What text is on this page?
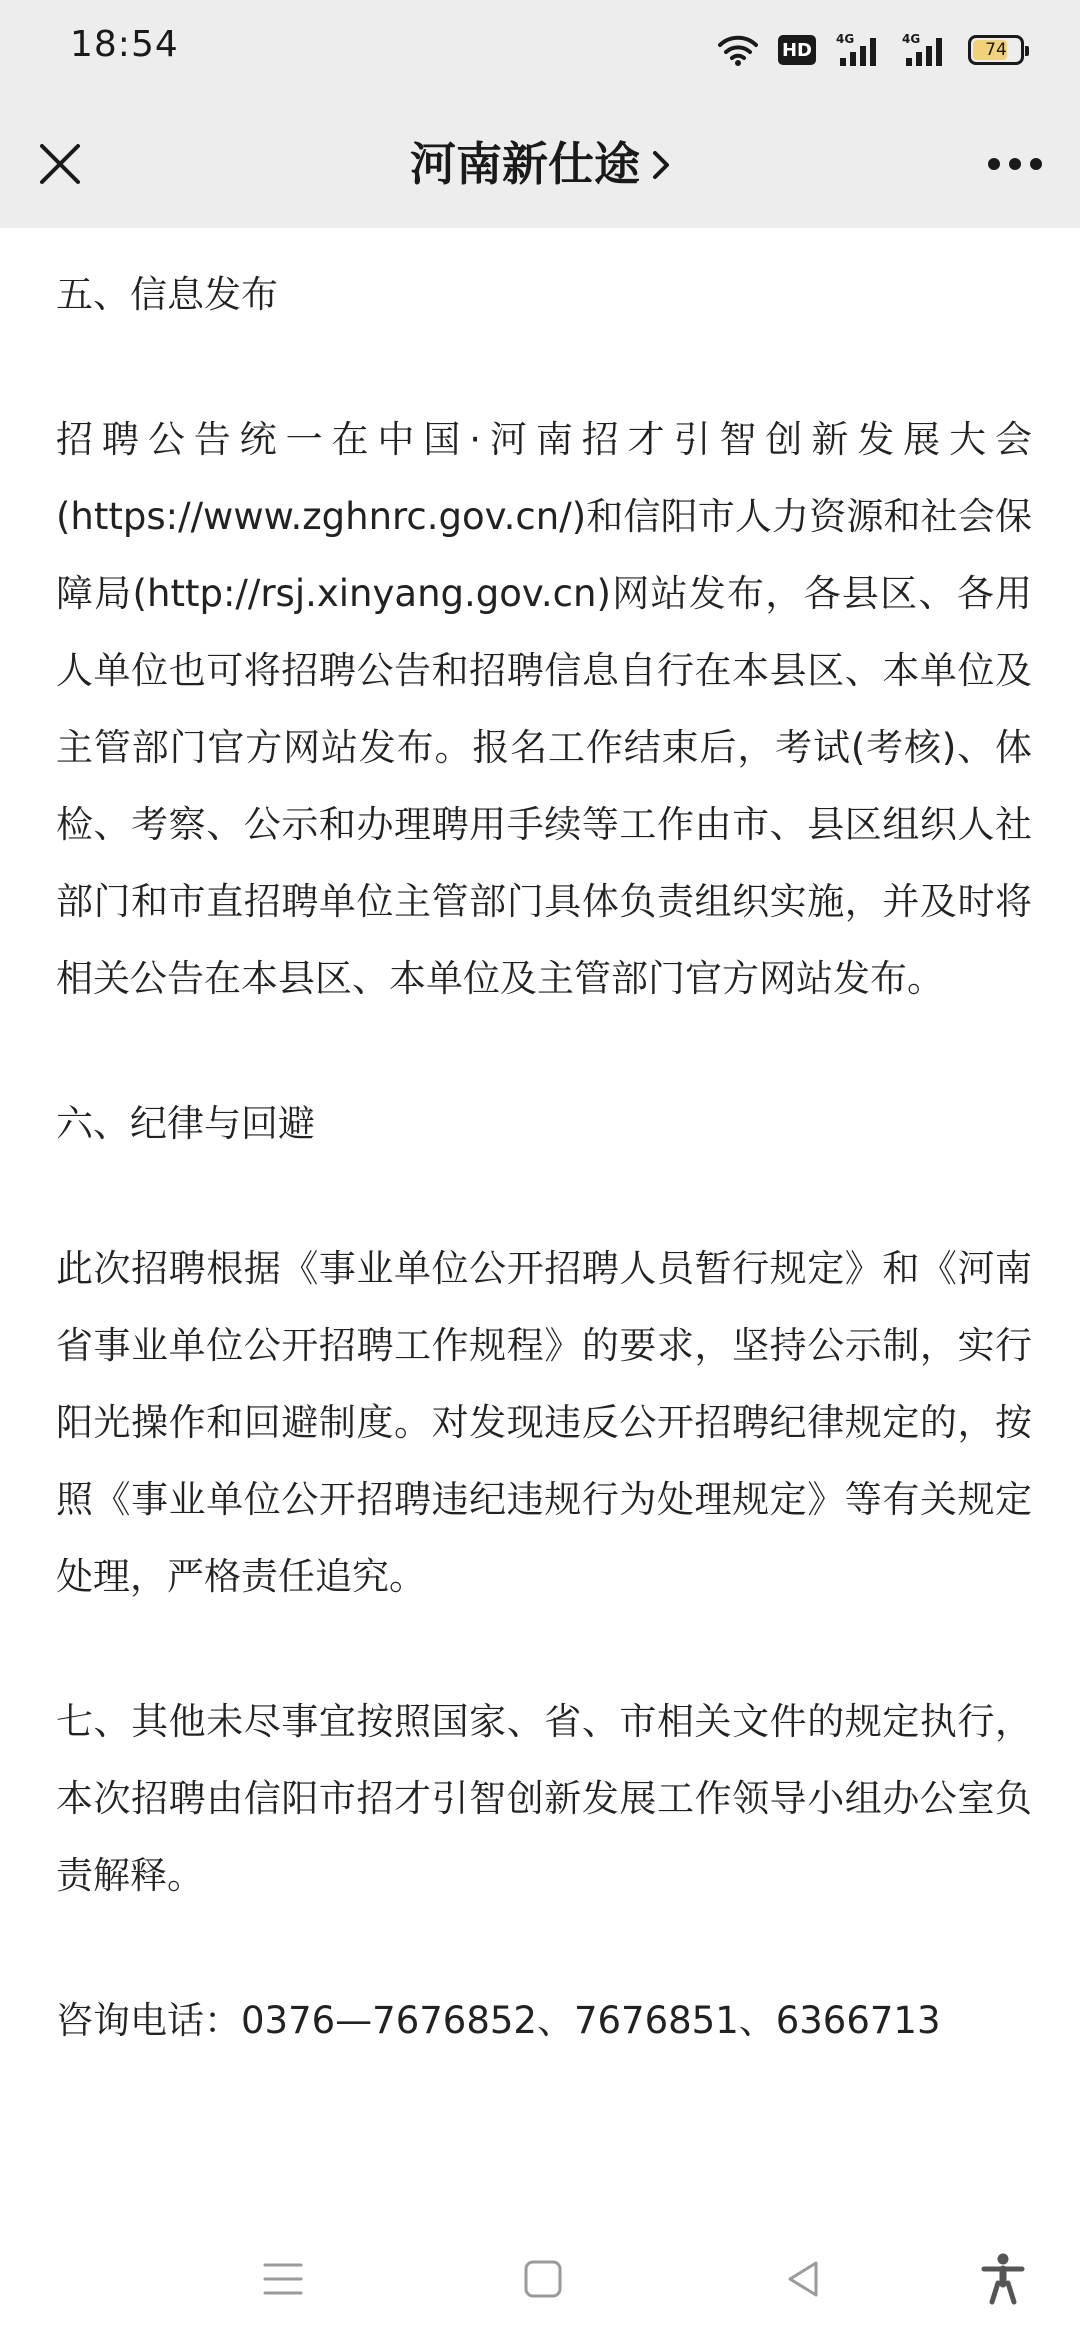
18:54	HD
4G	4G
74
河南新仕途

五、信息发布

招聘公告统一在中国·河南招才引智创新发展大会(https://www.zghnrc.gov.cn/)和信阳市人力资源和社会保障局(http://rsj.xinyang.gov.cn)网站发布，各县区、各用人单位也可将招聘公告和招聘信息自行在本县区、本单位及主管部门官方网站发布。报名工作结束后，考试(考核)、体检、考察、公示和办理聘用手续等工作由市、县区组织人社部门和市直招聘单位主管部门具体负责组织实施，并及时将相关公告在本县区、本单位及主管部门官方网站发布。

六、纪律与回避

此次招聘根据《事业单位公开招聘人员暂行规定》和《河南省事业单位公开招聘工作规程》的要求，坚持公示制，实行阳光操作和回避制度。对发现违反公开招聘纪律规定的，按照《事业单位公开招聘违纪违规行为处理规定》等有关规定处理，严格责任追究。

七、其他未尽事宜按照国家、省、市相关文件的规定执行，本次招聘由信阳市招才引智创新发展工作领导小组办公室负责解释。

咨询电话：0376—7676852、7676851、6366713
